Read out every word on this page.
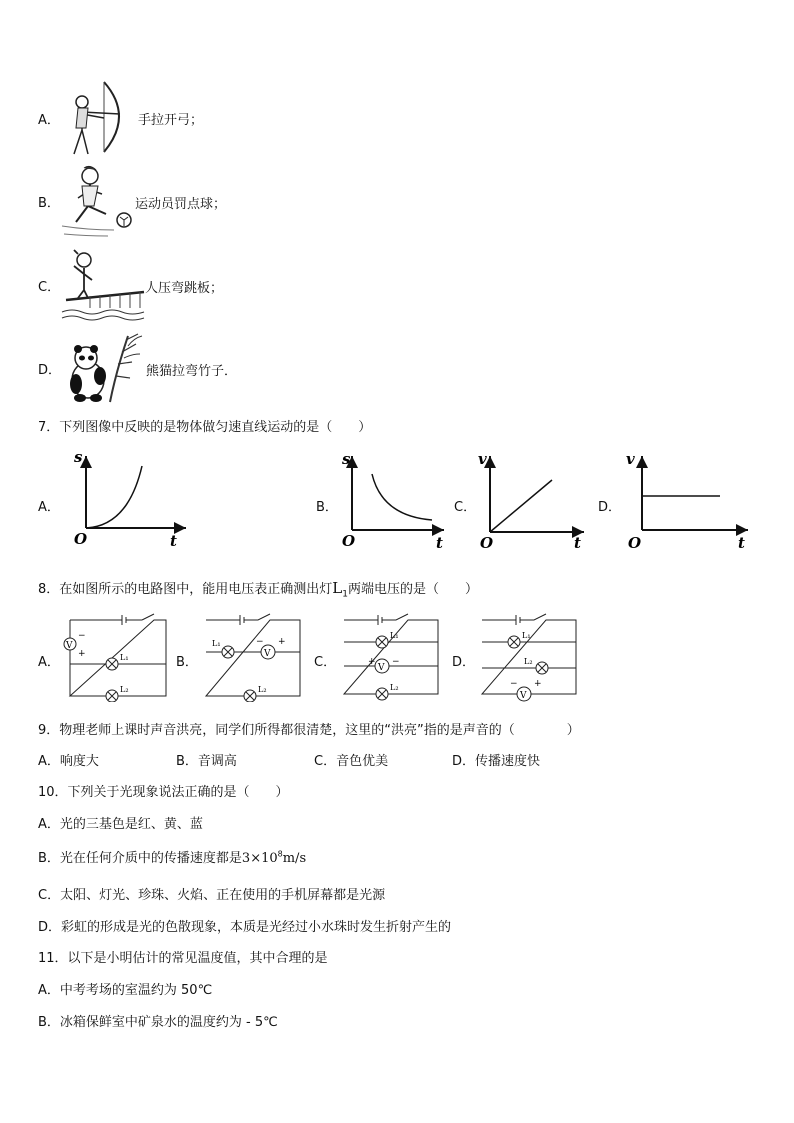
A．	手拉开弓；
B．	运动员罚点球；
C．	人压弯跳板；
D．	熊猫拉弯竹子．
7．下列图像中反映的是物体做匀速直线运动的是（　　）
A．	B．	C．	D．
s
O	t
s
O	t
v
O	t
v
O	t
8．在如图所示的电路图中，能用电压表正确测出灯$L_1$两端电压的是（　　）
A．	B．	C．	D．
V
−
+	L₁
L₂
L₁
V
− +
L₂
L₁
V
+ −
L₂
L₁
L₂
V
− +
9．物理老师上课时声音洪亮，同学们所得都很清楚，这里的“洪亮”指的是声音的（　　　　）
A．响度大	B．音调高	C．音色优美	D．传播速度快
10．下列关于光现象说法正确的是（　　）
A．光的三基色是红、黄、蓝
B．光在任何介质中的传播速度都是$3\times 10^8m/s$
C．太阳、灯光、珍珠、火焰、正在使用的手机屏幕都是光源
D．彩虹的形成是光的色散现象，本质是光经过小水珠时发生折射产生的
11．以下是小明估计的常见温度值，其中合理的是
A．中考考场的室温约为 50℃
B．冰箱保鲜室中矿泉水的温度约为 - 5℃
